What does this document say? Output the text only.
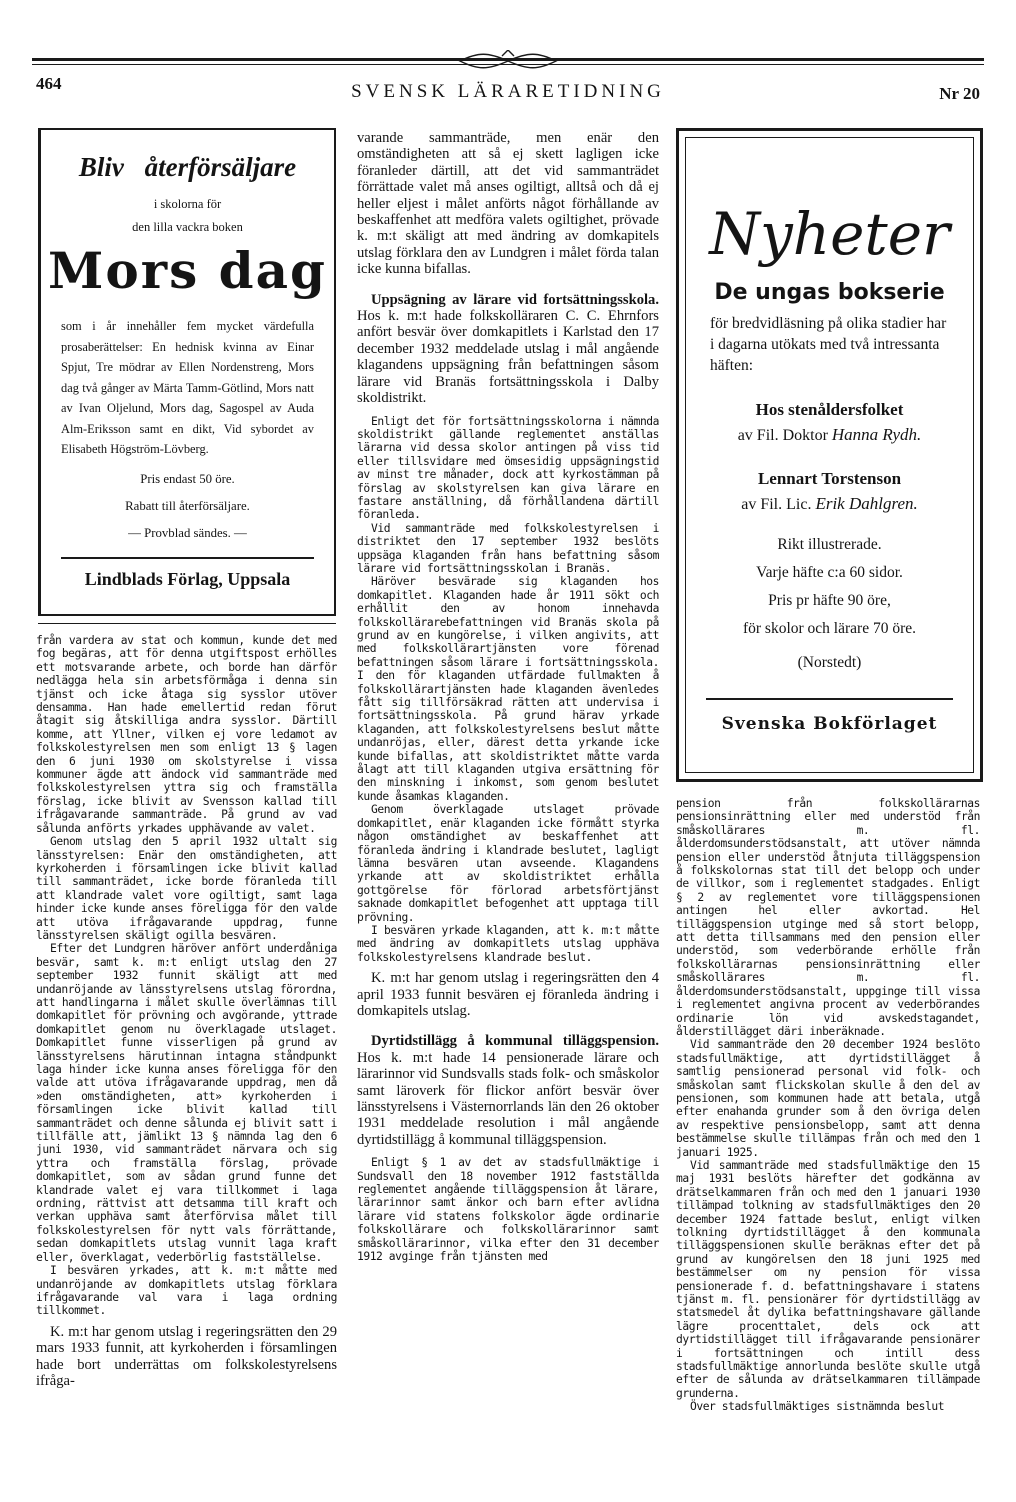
464	SVENSK LÄRARETIDNING	Nr 20
Bliv återförsäljare
i skolorna för
den lilla vackra boken
Mors dag
som i år innehåller fem mycket värdefulla prosaberättelser: En hednisk kvinna av Einar Spjut, Tre mödrar av Ellen Nordenstreng, Mors dag två gånger av Märta Tamm-Götlind, Mors natt av Ivan Oljelund, Mors dag, Sagospel av Auda Alm-Eriksson samt en dikt, Vid sybordet av Elisabeth Högström-Lövberg.
Pris endast 50 öre.
Rabatt till återförsäljare.
— Provblad sändes. —
Lindblads Förlag, Uppsala
Nyheter
De ungas bokserie
för bredvidläsning på olika stadier har i dagarna utökats med två intressanta häften:
Hos stenåldersfolket
av Fil. Doktor Hanna Rydh.
Lennart Torstenson
av Fil. Lic. Erik Dahlgren.
Rikt illustrerade.
Varje häfte c:a 60 sidor.
Pris pr häfte 90 öre,
för skolor och lärare 70 öre.
(Norstedt)
Svenska Bokförlaget

från vardera av stat och kommun, kunde det med fog begäras, att för denna utgiftspost erhölles ett motsvarande arbete, och borde han därför nedlägga hela sin arbetsförmåga i denna sin tjänst och icke åtaga sig sysslor utöver densamma. Han hade emellertid redan förut åtagit sig åtskilliga andra sysslor. Därtill komme, att Yllner, vilken ej vore ledamot av folkskolestyrelsen men som enligt 13 § lagen den 6 juni 1930 om skolstyrelse i vissa kommuner ägde att ändock vid sammanträde med folkskolestyrelsen yttra sig och framställa förslag, icke blivit av Svensson kallad till ifrågavarande sammanträde. På grund av vad sålunda anförts yrkades upphävande av valet.

Genom utslag den 5 april 1932 ultalt sig länsstyrelsen: Enär den omständigheten, att kyrkoherden i församlingen icke blivit kallad till sammanträdet, icke borde föranleda till att klandrade valet vore ogiltigt, samt laga hinder icke kunde anses föreligga för den valde att utöva ifrågavarande uppdrag, funne länsstyrelsen skäligt ogilla besvären.

Efter det Lundgren häröver anfört underdåniga besvär, samt k. m:t enligt utslag den 27 september 1932 funnit skäligt att med undanröjande av länsstyrelsens utslag förordna, att handlingarna i målet skulle överlämnas till domkapitlet för prövning och avgörande, yttrade domkapitlet genom nu överklagade utslaget. Domkapitlet funne visserligen på grund av länsstyrelsens härutinnan intagna ståndpunkt laga hinder icke kunna anses föreligga för den valde att utöva ifrågavarande uppdrag, men då »den omständigheten, att» kyrkoherden i församlingen icke blivit kallad till sammanträdet och denne sålunda ej blivit satt i tillfälle att, jämlikt 13 § nämnda lag den 6 juni 1930, vid sammanträdet närvara och sig yttra och framställa förslag, prövade domkapitlet, som av sådan grund funne det klandrade valet ej vara tillkommet i laga ordning, rättvist att detsamma till kraft och verkan upphäva samt återförvisa målet till folkskolestyrelsen för nytt vals förrättande, sedan domkapitlets utslag vunnit laga kraft eller, överklagat, vederbörlig fastställelse.

I besvären yrkades, att k. m:t måtte med undanröjande av domkapitlets utslag förklara ifrågavarande val vara i laga ordning tillkommet.

K. m:t har genom utslag i regeringsrätten den 29 mars 1933 funnit, att kyrkoherden i församlingen hade bort underrättas om folkskolestyrelsens ifråga-

varande sammanträde, men enär den omständigheten att så ej skett lagligen icke föranleder därtill, att det vid sammanträdet förrättade valet må anses ogiltigt, alltså och då ej heller eljest i målet anförts något förhållande av beskaffenhet att medföra valets ogiltighet, prövade k. m:t skäligt att med ändring av domkapitels utslag förklara den av Lundgren i målet förda talan icke kunna bifallas.

Uppsägning av lärare vid fortsättningsskola. Hos k. m:t hade folkskolläraren C. C. Ehrnfors anfört besvär över domkapitlets i Karlstad den 17 december 1932 meddelade utslag i mål angående klagandens uppsägning från befattningen såsom lärare vid Branäs fortsättningsskola i Dalby skoldistrikt.

Enligt det för fortsättningsskolorna i nämnda skoldistrikt gällande reglementet anställas lärarna vid dessa skolor antingen på viss tid eller tillsvidare med ömsesidig uppsägningstid av minst tre månader, dock att kyrkostämman på förslag av skolstyrelsen kan giva lärare en fastare anställning, då förhållandena därtill föranleda.

Vid sammanträde med folkskolestyrelsen i distriktet den 17 september 1932 beslöts uppsäga klaganden från hans befattning såsom lärare vid fortsättningsskolan i Branäs.

Häröver besvärade sig klaganden hos domkapitlet. Klaganden hade år 1911 sökt och erhållit den av honom innehavda folkskollärarebefattningen vid Branäs skola på grund av en kungörelse, i vilken angivits, att med folkskollärartjänsten vore förenad befattningen såsom lärare i fortsättningsskola. I den för klaganden utfärdade fullmakten å folkskollärartjänsten hade klaganden ävenledes fått sig tillförsäkrad rätten att undervisa i fortsättningsskola. På grund härav yrkade klaganden, att folkskolestyrelsens beslut måtte undanröjas, eller, därest detta yrkande icke kunde bifallas, att skoldistriktet måtte varda ålagt att till klaganden utgiva ersättning för den minskning i inkomst, som genom beslutet kunde åsamkas klaganden.

Genom överklagade utslaget prövade domkapitlet, enär klaganden icke förmått styrka någon omständighet av beskaffenhet att föranleda ändring i klandrade beslutet, lagligt lämna besvären utan avseende. Klagandens yrkande att av skoldistriktet erhålla gottgörelse för förlorad arbetsförtjänst saknade domkapitlet befogenhet att upptaga till prövning.

I besvären yrkade klaganden, att k. m:t måtte med ändring av domkapitlets utslag upphäva folkskolestyrelsens klandrade beslut.

K. m:t har genom utslag i regeringsrätten den 4 april 1933 funnit besvären ej föranleda ändring i domkapitels utslag.

Dyrtidstillägg å kommunal tilläggspension. Hos k. m:t hade 14 pensionerade lärare och lärarinnor vid Sundsvalls stads folk- och småskolor samt läroverk för flickor anfört besvär över länsstyrelsens i Västernorrlands län den 26 oktober 1931 meddelade resolution i mål angående dyrtidstillägg å kommunal tilläggspension.

Enligt § 1 av det av stadsfullmäktige i Sundsvall den 18 november 1912 fastställda reglementet angående tilläggspension åt lärare, lärarinnor samt änkor och barn efter avlidna lärare vid statens folkskolor ägde ordinarie folkskollärare och folkskollärarinnor samt småskollärarinnor, vilka efter den 31 december 1912 avginge från tjänsten med

pension från folkskollärarnas pensionsinrättning eller med understöd från småskollärares m. fl. ålderdomsunderstödsanstalt, att utöver nämnda pension eller understöd åtnjuta tilläggspension å folkskolornas stat till det belopp och under de villkor, som i reglementet stadgades. Enligt § 2 av reglementet vore tilläggspensionen antingen hel eller avkortad. Hel tilläggspension utginge med så stort belopp, att detta tillsammans med den pension eller understöd, som vederbörande erhölle från folkskollärarnas pensionsinrättning eller småskollärares m. fl. ålderdomsunderstödsanstalt, uppginge till vissa i reglementet angivna procent av vederbörandes ordinarie lön vid avskedstagandet, ålderstillägget däri inberäknade.

Vid sammanträde den 20 december 1924 beslöto stadsfullmäktige, att dyrtidstillägget å samtlig pensionerad personal vid folk- och småskolan samt flickskolan skulle å den del av pensionen, som kommunen hade att betala, utgå efter enahanda grunder som å den övriga delen av respektive pensionsbelopp, samt att denna bestämmelse skulle tillämpas från och med den 1 januari 1925.

Vid sammanträde med stadsfullmäktige den 15 maj 1931 beslöts härefter det godkänna av drätselkammaren från och med den 1 januari 1930 tillämpad tolkning av stadsfullmäktiges den 20 december 1924 fattade beslut, enligt vilken tolkning dyrtidstillägget å den kommunala tilläggspensionen skulle beräknas efter det på grund av kungörelsen den 18 juni 1925 med bestämmelser om ny pension för vissa pensionerade f. d. befattningshavare i statens tjänst m. fl. pensionärer för dyrtidstillägg av statsmedel åt dylika befattningshavare gällande lägre procenttalet, dels ock att dyrtidstillägget till ifrågavarande pensionärer i fortsättningen och intill dess stadsfullmäktige annorlunda beslöte skulle utgå efter de sålunda av drätselkammaren tillämpade grunderna.

Över stadsfullmäktiges sistnämnda beslut
